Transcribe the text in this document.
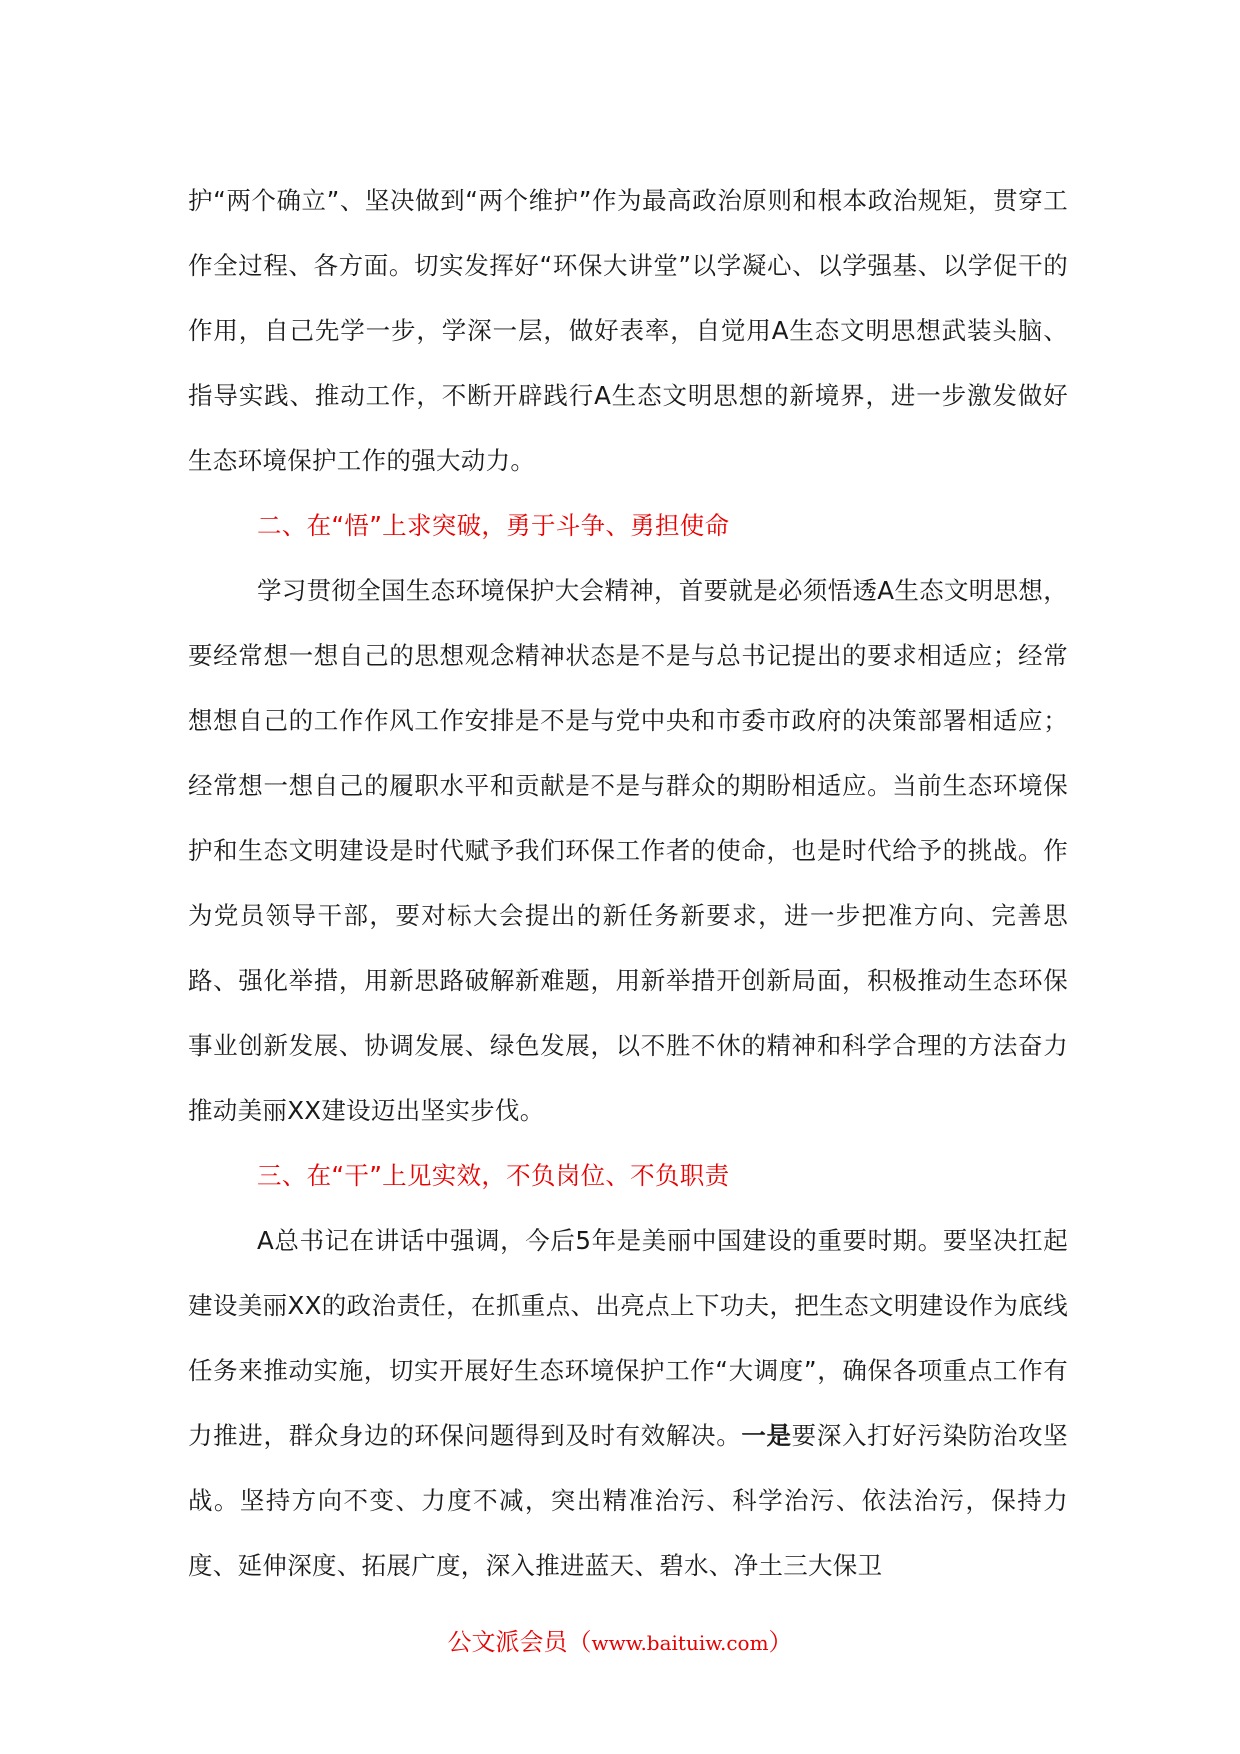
护“两个确立”、坚决做到“两个维护”作为最高政治原则和根本政治规矩，贯穿工作全过程、各方面。切实发挥好“环保大讲堂”以学凝心、以学强基、以学促干的作用，自己先学一步，学深一层，做好表率，自觉用A生态文明思想武装头脑、指导实践、推动工作，不断开辟践行A生态文明思想的新境界，进一步激发做好生态环境保护工作的强大动力。

二、在“悟”上求突破，勇于斗争、勇担使命

学习贯彻全国生态环境保护大会精神，首要就是必须悟透A生态文明思想，要经常想一想自己的思想观念精神状态是不是与总书记提出的要求相适应；经常想想自己的工作作风工作安排是不是与党中央和市委市政府的决策部署相适应；经常想一想自己的履职水平和贡献是不是与群众的期盼相适应。当前生态环境保护和生态文明建设是时代赋予我们环保工作者的使命，也是时代给予的挑战。作为党员领导干部，要对标大会提出的新任务新要求，进一步把准方向、完善思路、强化举措，用新思路破解新难题，用新举措开创新局面，积极推动生态环保事业创新发展、协调发展、绿色发展，以不胜不休的精神和科学合理的方法奋力推动美丽XX建设迈出坚实步伐。

三、在“干”上见实效，不负岗位、不负职责

A总书记在讲话中强调，今后5年是美丽中国建设的重要时期。要坚决扛起建设美丽XX的政治责任，在抓重点、出亮点上下功夫，把生态文明建设作为底线任务来推动实施，切实开展好生态环境保护工作“大调度”，确保各项重点工作有力推进，群众身边的环保问题得到及时有效解决。一是要深入打好污染防治攻坚战。坚持方向不变、力度不减，突出精准治污、科学治污、依法治污，保持力度、延伸深度、拓展广度，深入推进蓝天、碧水、净土三大保卫

公文派会员（www.baituiw.com）
